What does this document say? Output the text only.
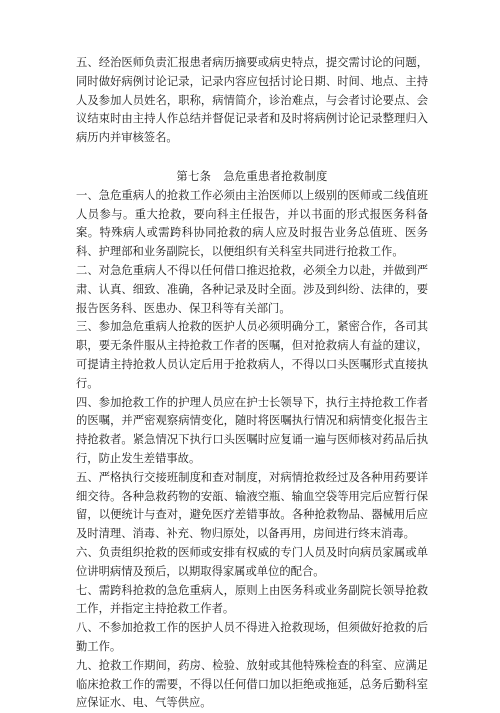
五、经治医师负责汇报患者病历摘要或病史特点，提交需讨论的问题，同时做好病例讨论记录，记录内容应包括讨论日期、时间、地点、主持人及参加人员姓名，职称，病情简介，诊治难点，与会者讨论要点、会议结束时由主持人作总结并督促记录者和及时将病例讨论记录整理归入病历内并审核签名。

第七条 急危重患者抢救制度

一、急危重病人的抢救工作必须由主治医师以上级别的医师或二线值班人员参与。重大抢救，要向科主任报告，并以书面的形式报医务科备案。特殊病人或需跨科协同抢救的病人应及时报告业务总值班、医务科、护理部和业务副院长，以便组织有关科室共同进行抢救工作。

二、对急危重病人不得以任何借口推迟抢救，必须全力以赴，并做到严肃、认真、细致、准确，各种记录及时全面。涉及到纠纷、法律的，要报告医务科、医患办、保卫科等有关部门。

三、参加急危重病人抢救的医护人员必须明确分工，紧密合作，各司其职，要无条件服从主持抢救工作者的医嘱，但对抢救病人有益的建议，可提请主持抢救人员认定后用于抢救病人，不得以口头医嘱形式直接执行。

四、参加抢救工作的护理人员应在护士长领导下，执行主持抢救工作者的医嘱，并严密观察病情变化，随时将医嘱执行情况和病情变化报告主持抢救者。紧急情况下执行口头医嘱时应复诵一遍与医师核对药品后执行，防止发生差错事故。

五、严格执行交接班制度和查对制度，对病情抢救经过及各种用药要详细交待。各种急救药物的安瓿、输液空瓶、输血空袋等用完后应暂行保留，以便统计与查对，避免医疗差错事故。各种抢救物品、器械用后应及时清理、消毒、补充、物归原处，以备再用，房间进行终末消毒。

六、负责组织抢救的医师或安排有权威的专门人员及时向病员家属或单位讲明病情及预后，以期取得家属或单位的配合。

七、需跨科抢救的急危重病人，原则上由医务科或业务副院长领导抢救工作，并指定主持抢救工作者。

八、不参加抢救工作的医护人员不得进入抢救现场，但须做好抢救的后勤工作。

九、抢救工作期间，药房、检验、放射或其他特殊检查的科室、应满足临床抢救工作的需要，不得以任何借口加以拒绝或拖延，总务后勤科室应保证水、电、气等供应。
